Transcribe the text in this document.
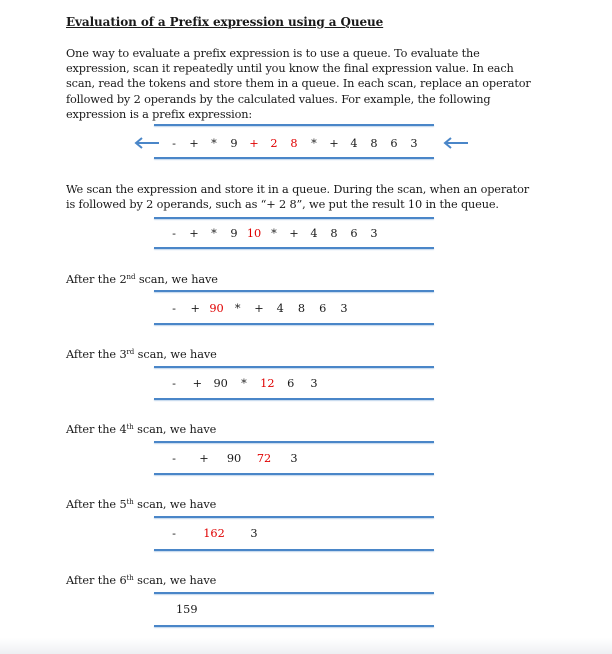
Evaluation of a Prefix expression using a Queue
One way to evaluate a prefix expression is to use a queue. To evaluate the
expression, scan it repeatedly until you know the final expression value. In each
scan, read the tokens and store them in a queue. In each scan, replace an operator
followed by 2 operands by the calculated values. For example, the following
expression is a prefix expression:
- + * 9 + 2 8 * + 4 8 6 3
We scan the expression and store it in a queue. During the scan, when an operator
is followed by 2 operands, such as “+ 2 8”, we put the result 10 in the queue.
- + * 9 10 * + 4 8 6 3
After the 2nd scan, we have
- + 90 * + 4 8 6 3
After the 3rd scan, we have
- + 90 * 12 6 3
After the 4th scan, we have
- + 90 72 3
After the 5th scan, we have
- 162 3
After the 6th scan, we have
159
